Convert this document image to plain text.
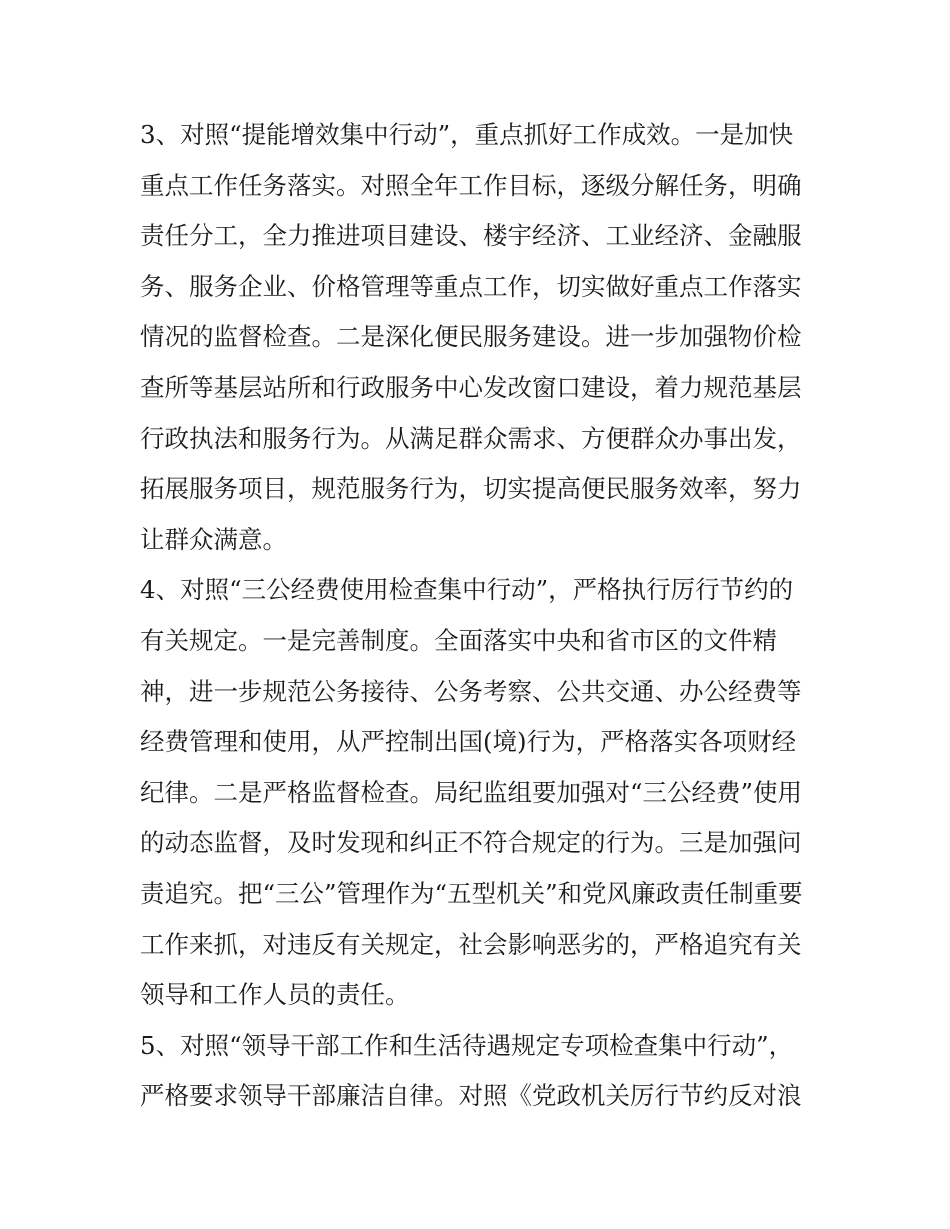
3、对照“提能增效集中行动”，重点抓好工作成效。一是加快
重点工作任务落实。对照全年工作目标，逐级分解任务，明确
责任分工，全力推进项目建设、楼宇经济、工业经济、金融服
务、服务企业、价格管理等重点工作，切实做好重点工作落实
情况的监督检查。二是深化便民服务建设。进一步加强物价检
查所等基层站所和行政服务中心发改窗口建设，着力规范基层
行政执法和服务行为。从满足群众需求、方便群众办事出发，
拓展服务项目，规范服务行为，切实提高便民服务效率，努力
让群众满意。
4、对照“三公经费使用检查集中行动”，严格执行厉行节约的
有关规定。一是完善制度。全面落实中央和省市区的文件精
神，进一步规范公务接待、公务考察、公共交通、办公经费等
经费管理和使用，从严控制出国(境)行为，严格落实各项财经
纪律。二是严格监督检查。局纪监组要加强对“三公经费”使用
的动态监督，及时发现和纠正不符合规定的行为。三是加强问
责追究。把“三公”管理作为“五型机关”和党风廉政责任制重要
工作来抓，对违反有关规定，社会影响恶劣的，严格追究有关
领导和工作人员的责任。
5、对照“领导干部工作和生活待遇规定专项检查集中行动”，
严格要求领导干部廉洁自律。对照《党政机关厉行节约反对浪
